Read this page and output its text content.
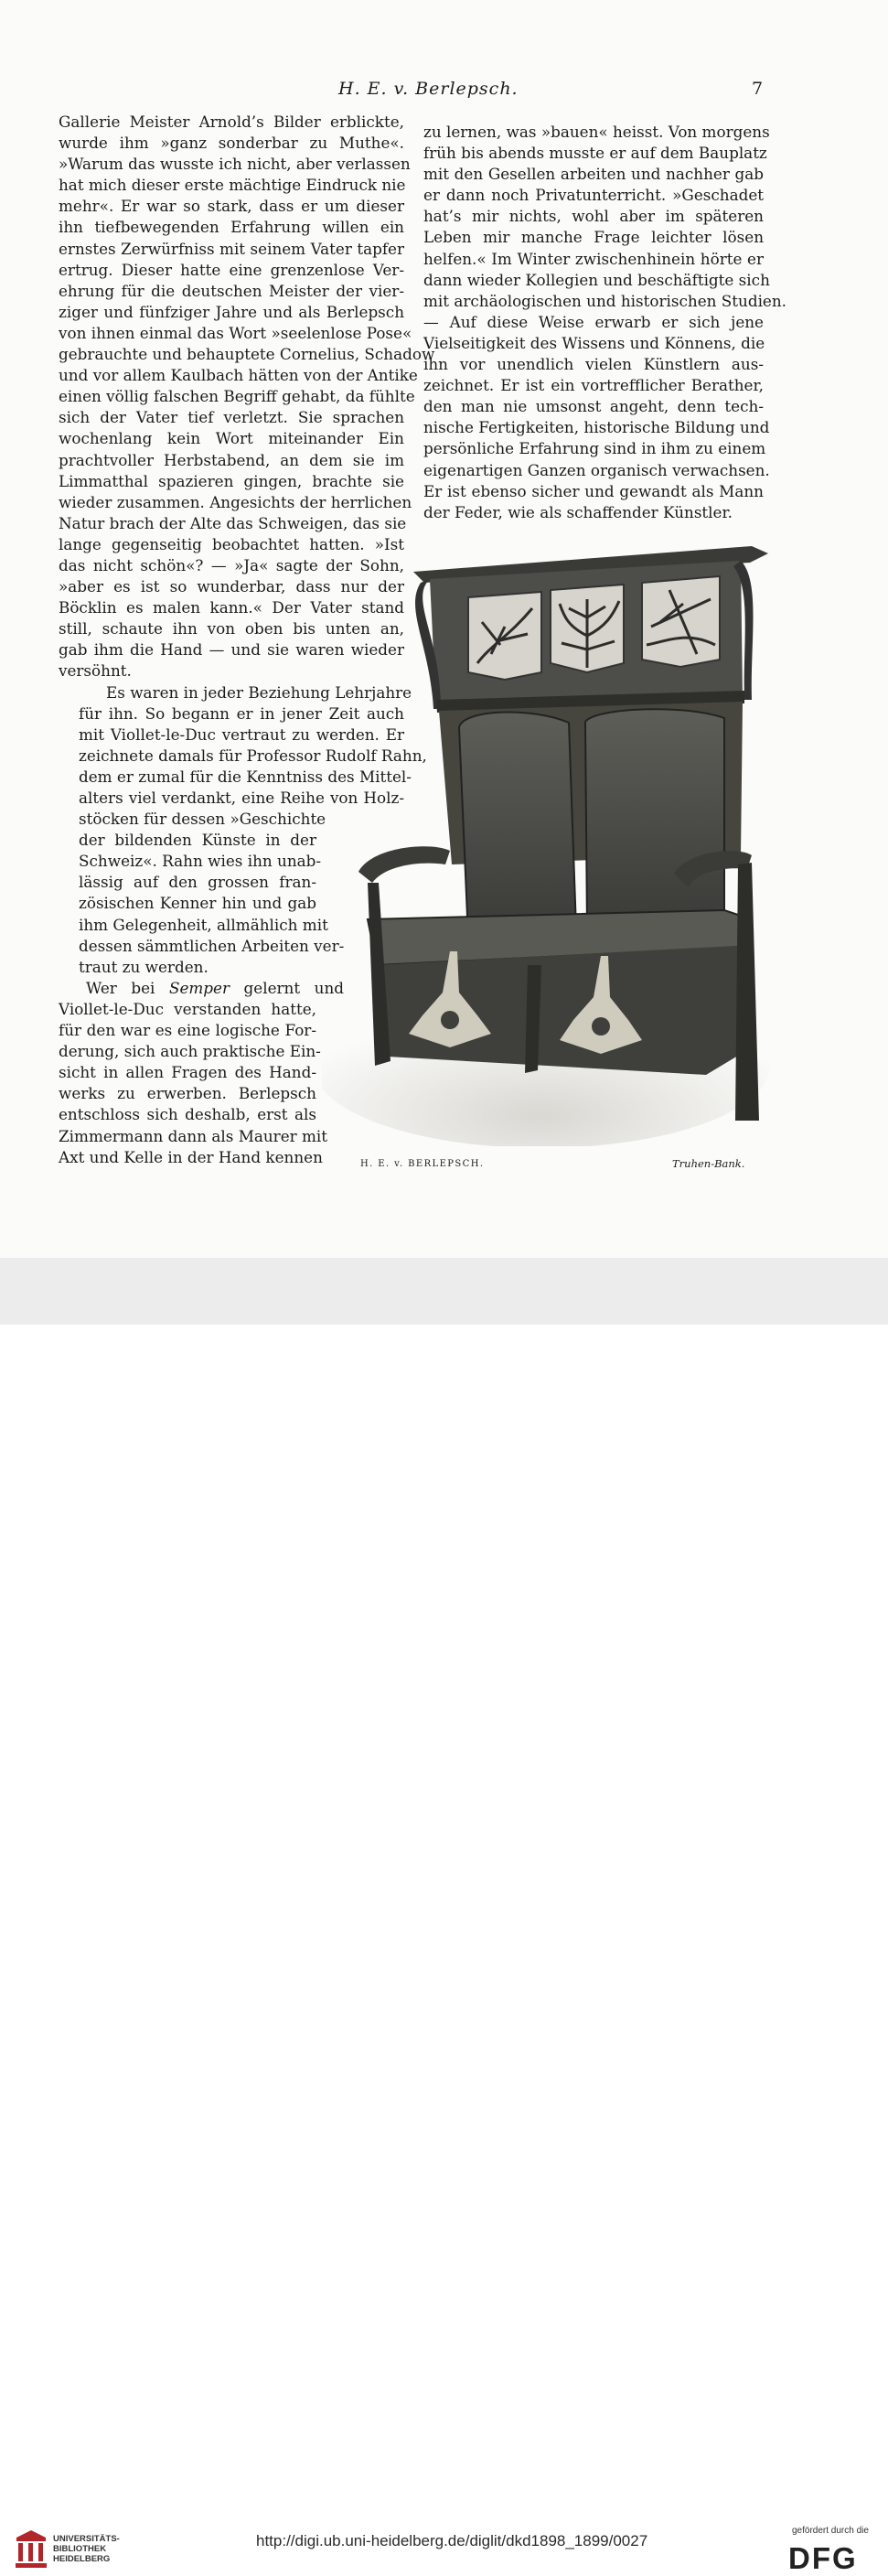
H. E. v. Berlepsch.	7

Gallerie Meister Arnold’s Bilder erblickte,
wurde ihm »ganz sonderbar zu Muthe«.
»Warum das wusste ich nicht, aber verlassen
hat mich dieser erste mächtige Eindruck nie
mehr«. Er war so stark, dass er um dieser
ihn tiefbewegenden Erfahrung willen ein
ernstes Zerwürfniss mit seinem Vater tapfer
ertrug. Dieser hatte eine grenzenlose Ver-
ehrung für die deutschen Meister der vier-
ziger und fünfziger Jahre und als Berlepsch
von ihnen einmal das Wort »seelenlose Pose«
gebrauchte und behauptete Cornelius, Schadow
und vor allem Kaulbach hätten von der Antike
einen völlig falschen Begriff gehabt, da fühlte
sich der Vater tief verletzt. Sie sprachen
wochenlang kein Wort miteinander Ein
prachtvoller Herbstabend, an dem sie im
Limmatthal spazieren gingen, brachte sie
wieder zusammen. Angesichts der herrlichen
Natur brach der Alte das Schweigen, das sie
lange gegenseitig beobachtet hatten. »Ist
das nicht schön«? — »Ja« sagte der Sohn,
»aber es ist so wunderbar, dass nur der
Böcklin es malen kann.« Der Vater stand
still, schaute ihn von oben bis unten an,
gab ihm die Hand — und sie waren wieder
versöhnt.

Es waren in jeder Beziehung Lehrjahre
für ihn. So begann er in jener Zeit auch
mit Viollet-le-Duc vertraut zu werden. Er
zeichnete damals für Professor Rudolf Rahn,
dem er zumal für die Kenntniss des Mittel-
alters viel verdankt, eine Reihe von Holz-
stöcken für dessen »Geschichte
der bildenden Künste in der
Schweiz«. Rahn wies ihn unab-
lässig auf den grossen fran-
zösischen Kenner hin und gab
ihm Gelegenheit, allmählich mit
dessen sämmtlichen Arbeiten ver-
traut zu werden.

Wer bei Semper gelernt und
Viollet-le-Duc verstanden hatte,
für den war es eine logische For-
derung, sich auch praktische Ein-
sicht in allen Fragen des Hand-
werks zu erwerben. Berlepsch
entschloss sich deshalb, erst als
Zimmermann dann als Maurer mit
Axt und Kelle in der Hand kennen

zu lernen, was »bauen« heisst. Von morgens
früh bis abends musste er auf dem Bauplatz
mit den Gesellen arbeiten und nachher gab
er dann noch Privatunterricht. »Geschadet
hat’s mir nichts, wohl aber im späteren
Leben mir manche Frage leichter lösen
helfen.« Im Winter zwischenhinein hörte er
dann wieder Kollegien und beschäftigte sich
mit archäologischen und historischen Studien.
— Auf diese Weise erwarb er sich jene
Vielseitigkeit des Wissens und Könnens, die
ihn vor unendlich vielen Künstlern aus-
zeichnet. Er ist ein vortrefflicher Berather,
den man nie umsonst angeht, denn tech-
nische Fertigkeiten, historische Bildung und
persönliche Erfahrung sind in ihm zu einem
eigenartigen Ganzen organisch verwachsen.
Er ist ebenso sicher und gewandt als Mann
der Feder, wie als schaffender Künstler.

H. E. v. BERLEPSCH.	Truhen-Bank.
UNIVERSITÄTS-
BIBLIOTHEK
HEIDELBERG
http://digi.ub.uni-heidelberg.de/diglit/dkd1898_1899/0027
gefördert durch die
DFG
